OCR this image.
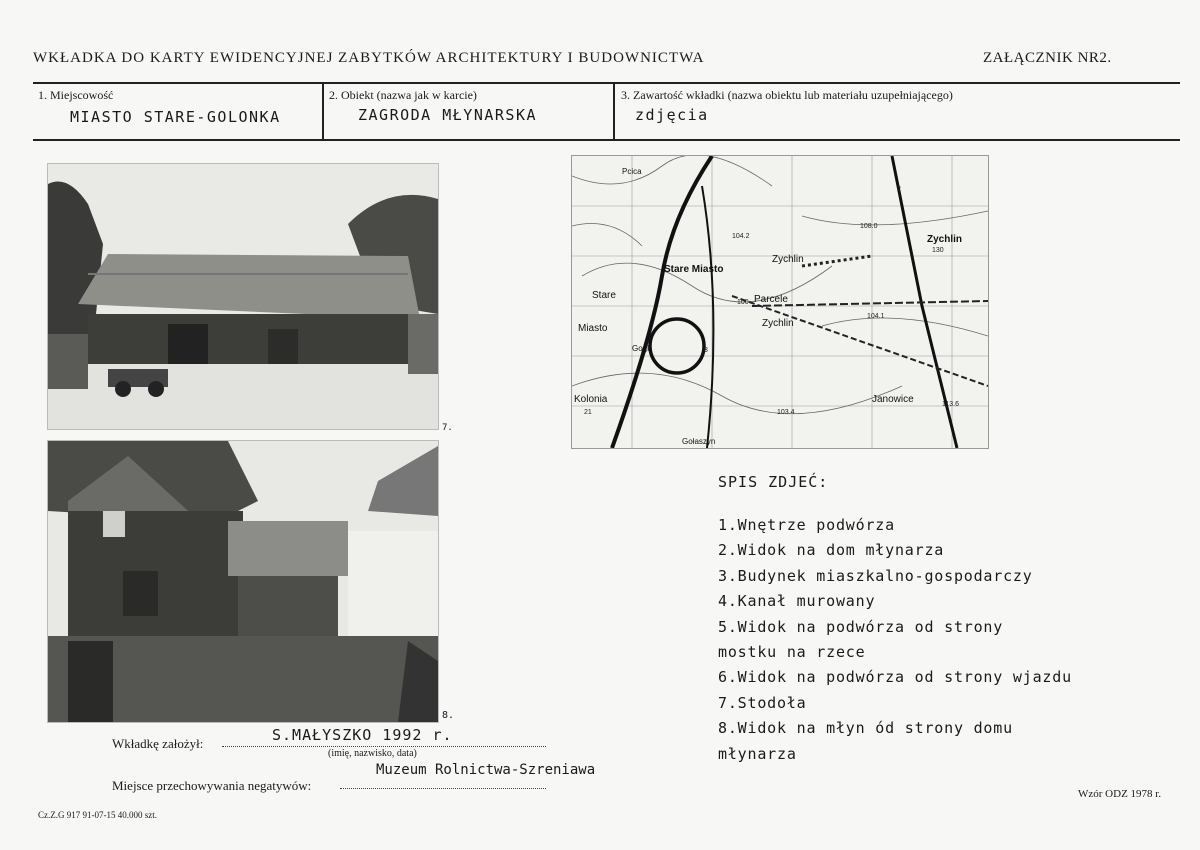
WKŁADKA DO KARTY EWIDENCYJNEJ ZABYTKÓW ARCHITEKTURY I BUDOWNICTWA	ZAŁĄCZNIK NR2.
1. Miejscowość
MIASTO STARE-GOLONKA
2. Obiekt (nazwa jak w karcie)
ZAGRODA MŁYNARSKA
3. Zawartość wkładki (nazwa obiektu lub materiału uzupełniającego)
zdjęcia
7.
8.
Stare Miasto
Zychlin
Zychlin
Parcele
Zychlin
Stare
Miasto
Kolonia	Janowice
Gołaszyn
Gogi
Pcica
104.2
108.0
130
100
104.1
103.4
113.6
3
2
21
SPIS ZDJEĆ:
1.Wnętrze podwórza
2.Widok na dom młynarza
3.Budynek miaszkalno-gospodarczy
4.Kanał murowany
5.Widok na podwórza od strony
mostku na rzece
6.Widok na podwórza od strony wjazdu
7.Stodoła
8.Widok na młyn ód strony domu
młynarza
Wkładkę założył:	S.MAŁYSZKO 1992 r.
(imię, nazwisko, data)
Miejsce przechowywania negatywów:
Muzeum Rolnictwa-Szreniawa
Cz.Z.G 917 91-07-15 40.000 szt.
Wzór ODZ 1978 r.
